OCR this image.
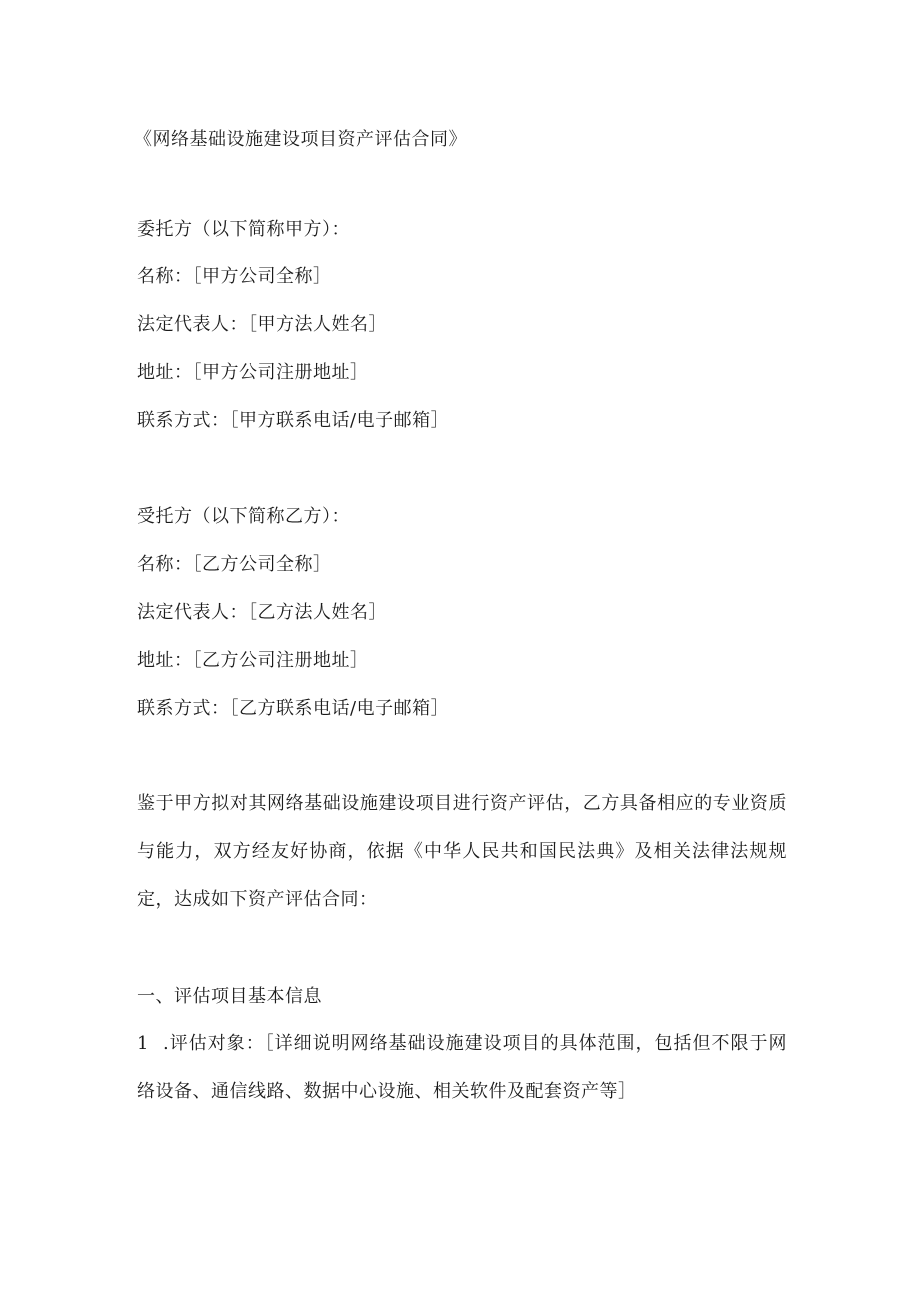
《网络基础设施建设项目资产评估合同》
委托方（以下简称甲方）：
名称：［甲方公司全称］
法定代表人：［甲方法人姓名］
地址：［甲方公司注册地址］
联系方式：［甲方联系电话/电子邮箱］
受托方（以下简称乙方）：
名称：［乙方公司全称］
法定代表人：［乙方法人姓名］
地址：［乙方公司注册地址］
联系方式：［乙方联系电话/电子邮箱］
鉴于甲方拟对其网络基础设施建设项目进行资产评估，乙方具备相应的专业资质与能力，双方经友好协商，依据《中华人民共和国民法典》及相关法律法规规定，达成如下资产评估合同：
一、评估项目基本信息
1 .评估对象：［详细说明网络基础设施建设项目的具体范围，包括但不限于网络设备、通信线路、数据中心设施、相关软件及配套资产等］
